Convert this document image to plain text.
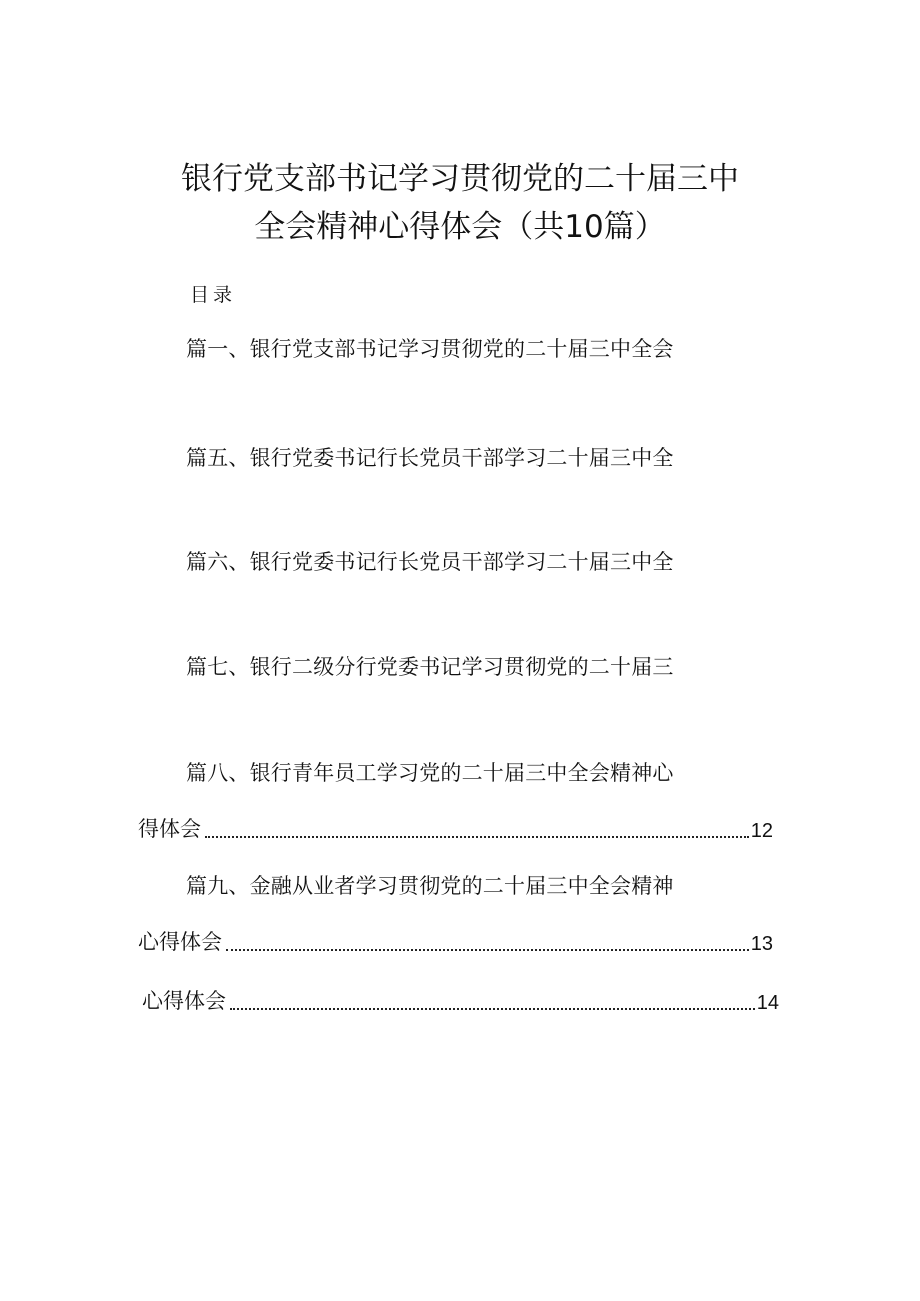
银行党支部书记学习贯彻党的二十届三中
全会精神心得体会（共10篇）
目录
篇一、银行党支部书记学习贯彻党的二十届三中全会
篇五、银行党委书记行长党员干部学习二十届三中全
篇六、银行党委书记行长党员干部学习二十届三中全
篇七、银行二级分行党委书记学习贯彻党的二十届三
篇八、银行青年员工学习党的二十届三中全会精神心
得体会	12
篇九、金融从业者学习贯彻党的二十届三中全会精神
心得体会	13
心得体会	14
